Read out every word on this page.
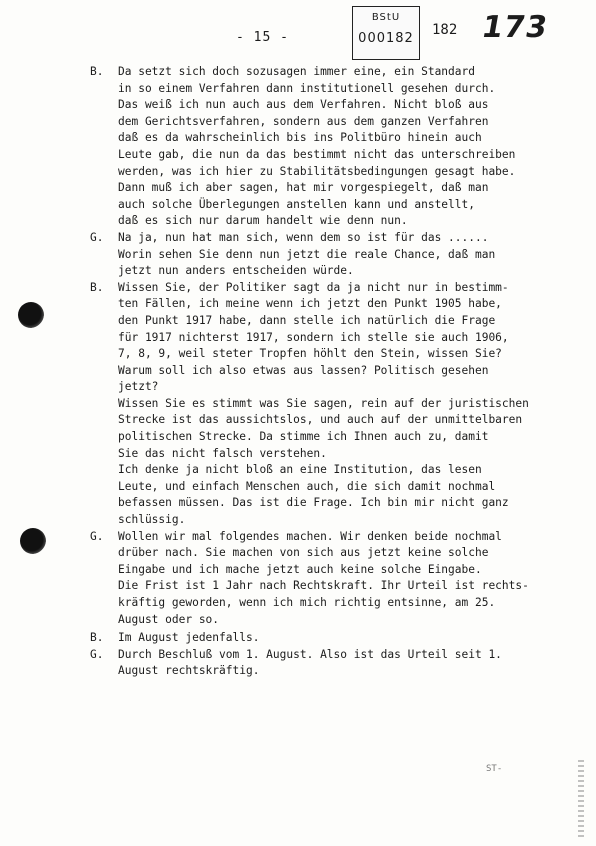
- 15 -
BStU
000182
182 173
B. Da setzt sich doch sozusagen immer eine, ein Standard
in so einem Verfahren dann institutionell gesehen durch.
Das weiß ich nun auch aus dem Verfahren. Nicht bloß aus
dem Gerichtsverfahren, sondern aus dem ganzen Verfahren
daß es da wahrscheinlich bis ins Politbüro hinein auch
Leute gab, die nun da das bestimmt nicht das unterschreiben
werden, was ich hier zu Stabilitätsbedingungen gesagt habe.
Dann muß ich aber sagen, hat mir vorgespiegelt, daß man
auch solche Überlegungen anstellen kann und anstellt,
daß es sich nur darum handelt wie denn nun.
G. Na ja, nun hat man sich, wenn dem so ist für das ......
Worin sehen Sie denn nun jetzt die reale Chance, daß man
jetzt nun anders entscheiden würde.
B. Wissen Sie, der Politiker sagt da ja nicht nur in bestimm-
ten Fällen, ich meine wenn ich jetzt den Punkt 1905 habe,
den Punkt 1917 habe, dann stelle ich natürlich die Frage
für 1917 nichterst 1917, sondern ich stelle sie auch 1906,
7, 8, 9, weil steter Tropfen höhlt den Stein, wissen Sie?
Warum soll ich also etwas aus lassen? Politisch gesehen
jetzt?
Wissen Sie es stimmt was Sie sagen, rein auf der juristischen
Strecke ist das aussichtslos, und auch auf der unmittelbaren
politischen Strecke. Da stimme ich Ihnen auch zu, damit
Sie das nicht falsch verstehen.
Ich denke ja nicht bloß an eine Institution, das lesen
Leute, und einfach Menschen auch, die sich damit nochmal
befassen müssen. Das ist die Frage. Ich bin mir nicht ganz
schlüssig.
G. Wollen wir mal folgendes machen. Wir denken beide nochmal
drüber nach. Sie machen von sich aus jetzt keine solche
Eingabe und ich mache jetzt auch keine solche Eingabe.
Die Frist ist 1 Jahr nach Rechtskraft. Ihr Urteil ist rechts-
kräftig geworden, wenn ich mich richtig entsinne, am 25.
August oder so.
B. Im August jedenfalls.
G. Durch Beschluß vom 1. August. Also ist das Urteil seit 1.
August rechtskräftig.
ST-
